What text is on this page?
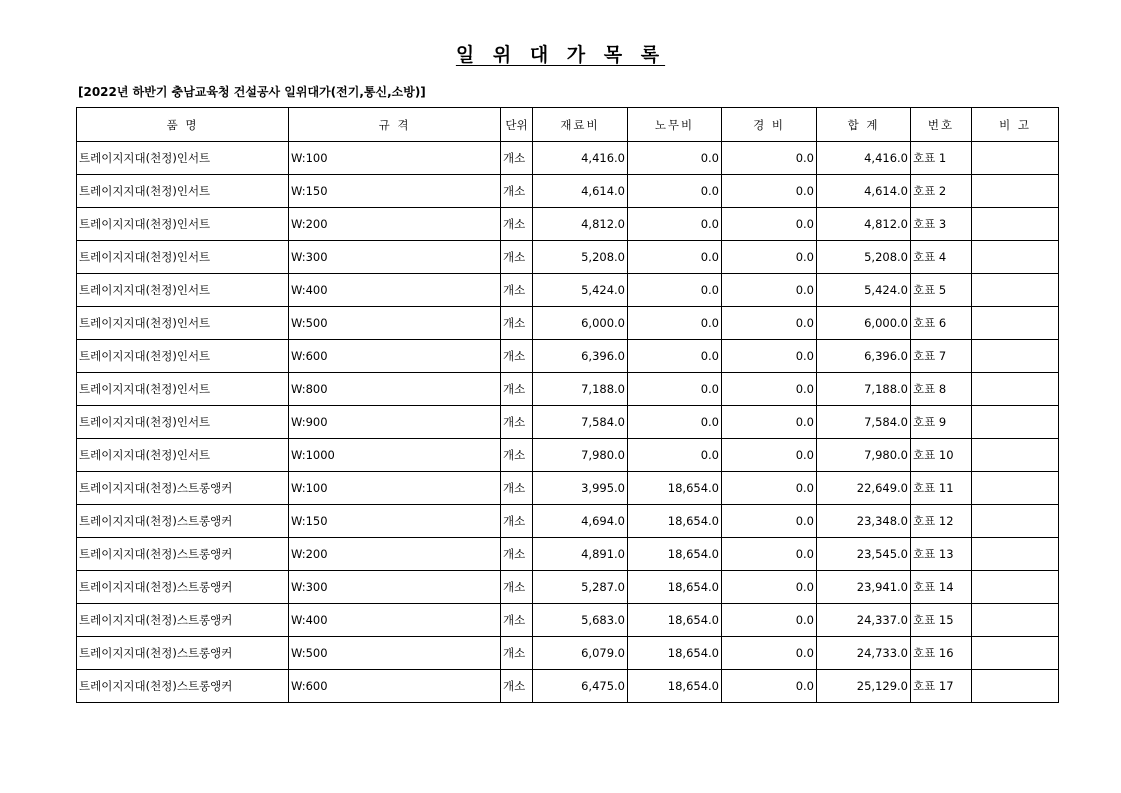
일 위 대 가 목 록
[2022년 하반기 충남교육청 건설공사 일위대가(전기,통신,소방)]
품 명	규 격	단위	재료비	노무비	경 비	합 계	번호	비 고
트레이지지대(천정)인서트	W:100	개소	4,416.0	0.0	0.0	4,416.0	호표 1	
트레이지지대(천정)인서트	W:150	개소	4,614.0	0.0	0.0	4,614.0	호표 2	
트레이지지대(천정)인서트	W:200	개소	4,812.0	0.0	0.0	4,812.0	호표 3	
트레이지지대(천정)인서트	W:300	개소	5,208.0	0.0	0.0	5,208.0	호표 4	
트레이지지대(천정)인서트	W:400	개소	5,424.0	0.0	0.0	5,424.0	호표 5	
트레이지지대(천정)인서트	W:500	개소	6,000.0	0.0	0.0	6,000.0	호표 6	
트레이지지대(천정)인서트	W:600	개소	6,396.0	0.0	0.0	6,396.0	호표 7	
트레이지지대(천정)인서트	W:800	개소	7,188.0	0.0	0.0	7,188.0	호표 8	
트레이지지대(천정)인서트	W:900	개소	7,584.0	0.0	0.0	7,584.0	호표 9	
트레이지지대(천정)인서트	W:1000	개소	7,980.0	0.0	0.0	7,980.0	호표 10	
트레이지지대(천정)스트롱앵커	W:100	개소	3,995.0	18,654.0	0.0	22,649.0	호표 11	
트레이지지대(천정)스트롱앵커	W:150	개소	4,694.0	18,654.0	0.0	23,348.0	호표 12	
트레이지지대(천정)스트롱앵커	W:200	개소	4,891.0	18,654.0	0.0	23,545.0	호표 13	
트레이지지대(천정)스트롱앵커	W:300	개소	5,287.0	18,654.0	0.0	23,941.0	호표 14	
트레이지지대(천정)스트롱앵커	W:400	개소	5,683.0	18,654.0	0.0	24,337.0	호표 15	
트레이지지대(천정)스트롱앵커	W:500	개소	6,079.0	18,654.0	0.0	24,733.0	호표 16	
트레이지지대(천정)스트롱앵커	W:600	개소	6,475.0	18,654.0	0.0	25,129.0	호표 17	
